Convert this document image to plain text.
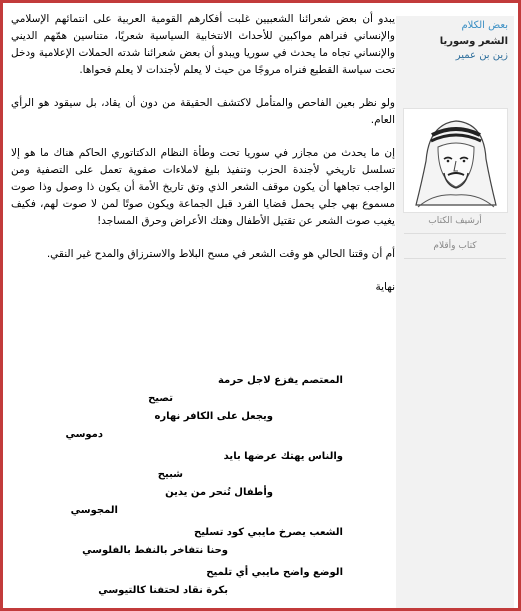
بعض الكلام
الشعر وسوريا
زين بن عمير
أرشيف الكتاب
كتاب وأقلام

يبدو أن بعض شعرائنا الشعبيين غلبت أفكارهم القومية العربية على انتمائهم الإسلامي والإنساني فنراهم مواكبين للأحداث الانتخابية السياسية شعريًا، متناسين همّهم الديني والإنساني تجاه ما يحدث في سوريا ويبدو أن بعض شعرائنا شدته الحملات الإعلامية ودخل تحت سياسة القطيع فنراه مروجًا من حيث لا يعلم لأجندات لا يعلم فحواها.

ولو نظر بعين الفاحص والمتأمل لاكتشف الحقيقة من دون أن يقاد، بل سيقود هو الرأي العام.

إن ما يحدث من مجازر في سوريا تحت وطأة النظام الدكتاتوري الحاكم هناك ما هو إلا تسلسل تاريخي لأجندة الحزب وتنفيذ بليغ لاملاءات صفوية تعمل على التصفية ومن الواجب تجاهها أن يكون موقف الشعر الذي وتق تاريخ الأمة أن يكون ذا وصول وذا صوت مسموع بهي جلي يحمل قضايا الفرد قبل الجماعة ويكون صوتًا لمن لا صوت لهم، فكيف يغيب صوت الشعر عن تقتيل الأطفال وهتك الأعراض وحرق المساجد!

أم أن وقتنا الحالي هو وقت الشعر في مسح البلاط والاسترزاق والمدح غير النقي.

نهاية

المعتصم يفزع لاجل حرمة
تصيح
ويجعل على الكافر نهاره
دموسي
والناس يهتك عرضها باید
شبيح
وأطفال تُنحر من يدين
المجوسي
الشعب يصرخ مايبي كود تسليح
وحنا نتفاخر بالنفط بالفلوسي
الوضع واضح مايبي أي تلميح
بكرة نقاد لحتفنا كالتيوسي
